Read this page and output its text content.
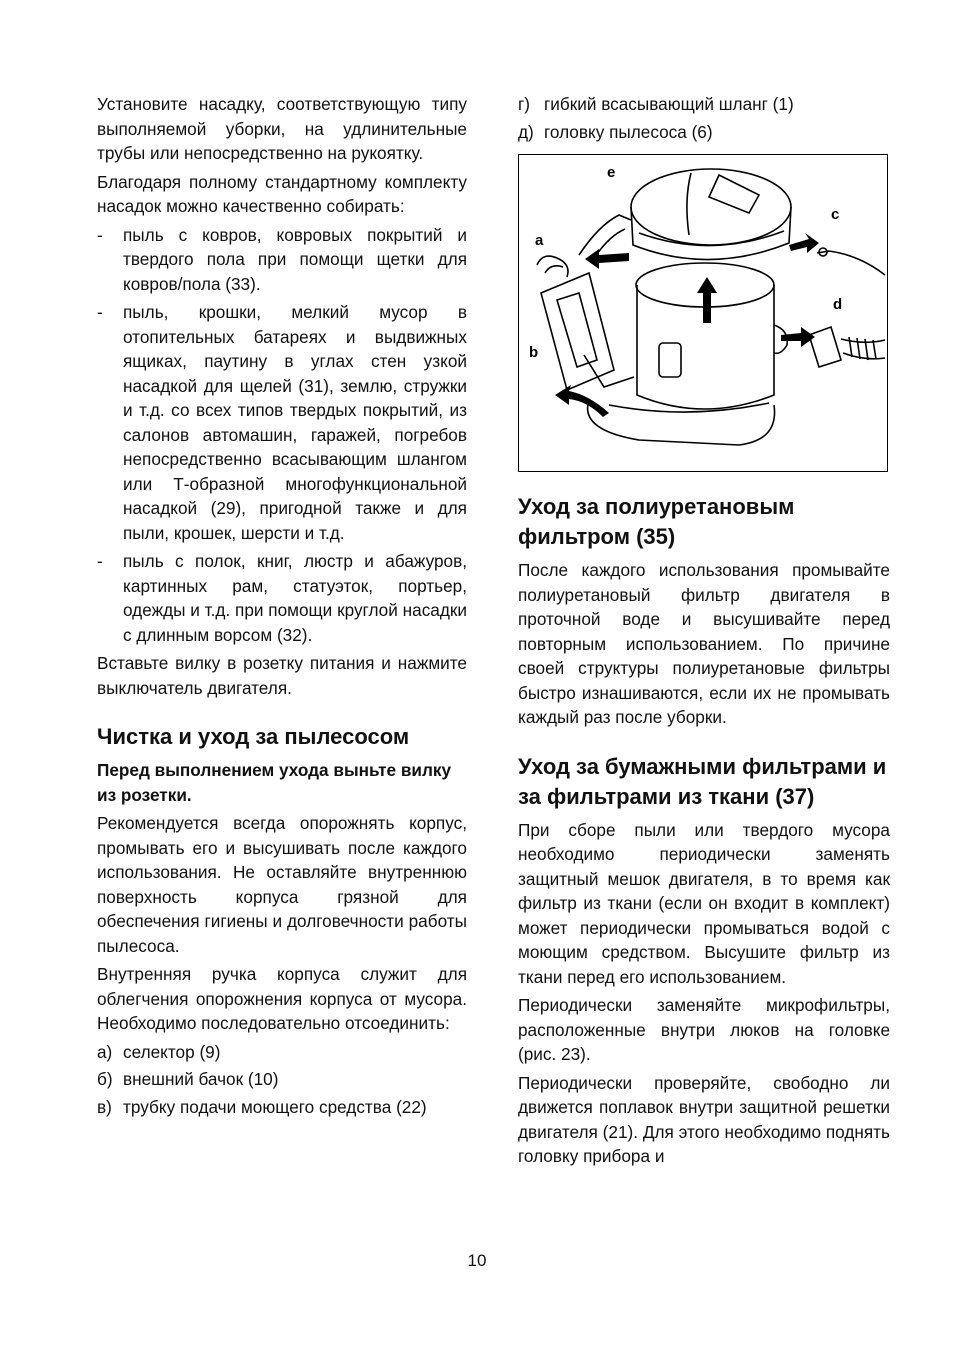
Установите насадку, соответствующую типу выполняемой уборки, на удлинительные трубы или непосредственно на рукоятку.

Благодаря полному стандартному комплекту насадок можно качественно собирать:

-	пыль с ковров, ковровых покрытий и твердого пола при помощи щетки для ковров/пола (33).
-	пыль, крошки, мелкий мусор в отопительных батареях и выдвижных ящиках, паутину в углах стен узкой насадкой для щелей (31), землю, стружки и т.д. со всех типов твердых покрытий, из салонов автомашин, гаражей, погребов непосредственно всасывающим шлангом или Т-образной многофункциональной насадкой (29), пригодной также и для пыли, крошек, шерсти и т.д.
-	пыль с полок, книг, люстр и абажуров, картинных рам, статуэток, портьер, одежды и т.д. при помощи круглой насадки с длинным ворсом (32).

Вставьте вилку в розетку питания и нажмите выключатель двигателя.

Чистка и уход за пылесосом
Перед выполнением ухода выньте вилку из розетки.

Рекомендуется всегда опорожнять корпус, промывать его и высушивать после каждого использования. Не оставляйте внутреннюю поверхность корпуса грязной для обеспечения гигиены и долговечности работы пылесоса.

Внутренняя ручка корпуса служит для облегчения опорожнения корпуса от мусора. Необходимо последовательно отсоединить:

а) селектор (9)
б) внешний бачок (10)
в) трубку подачи моющего средства (22)
г) гибкий всасывающий шланг (1)
д) головку пылесоса (6)
a
b
c
d
e
Уход за полиуретановым фильтром (35)

После каждого использования промывайте полиуретановый фильтр двигателя в проточной воде и высушивайте перед повторным использованием. По причине своей структуры полиуретановые фильтры быстро изнашиваются, если их не промывать каждый раз после уборки.

Уход за бумажными фильтрами и за фильтрами из ткани (37)

При сборе пыли или твердого мусора необходимо периодически заменять защитный мешок двигателя, в то время как фильтр из ткани (если он входит в комплект) может периодически промываться водой с моющим средством. Высушите фильтр из ткани перед его использованием.

Периодически заменяйте микрофильтры, расположенные внутри люков на головке (рис. 23).

Периодически проверяйте, свободно ли движется поплавок внутри защитной решетки двигателя (21). Для этого необходимо поднять головку прибора и

10
